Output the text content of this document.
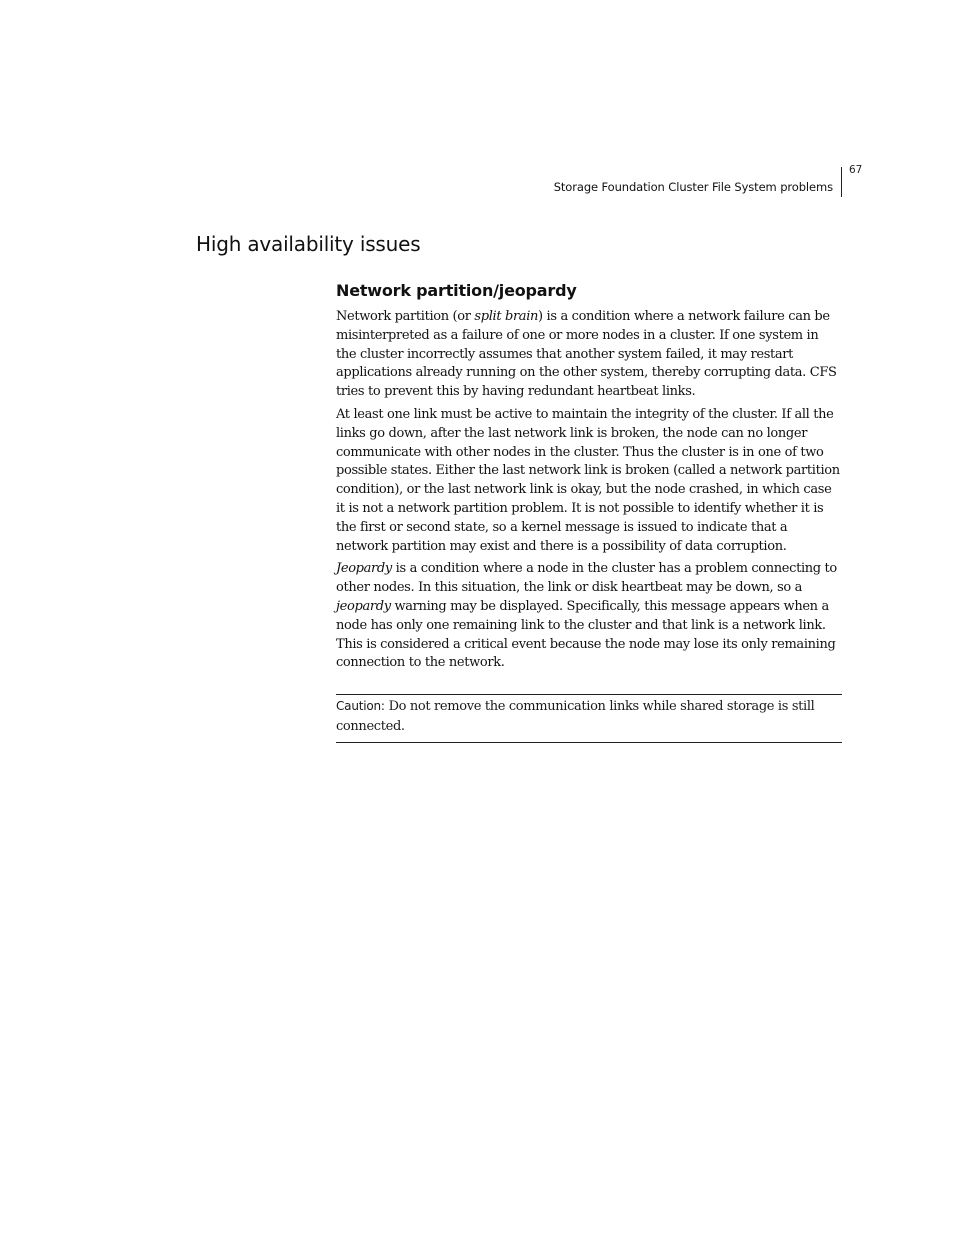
67
Storage Foundation Cluster File System problems
High availability issues
Network partition/jeopardy

Network partition (or split brain) is a condition where a network failure can be misinterpreted as a failure of one or more nodes in a cluster. If one system in the cluster incorrectly assumes that another system failed, it may restart applications already running on the other system, thereby corrupting data. CFS tries to prevent this by having redundant heartbeat links.

At least one link must be active to maintain the integrity of the cluster. If all the links go down, after the last network link is broken, the node can no longer communicate with other nodes in the cluster. Thus the cluster is in one of two possible states. Either the last network link is broken (called a network partition condition), or the last network link is okay, but the node crashed, in which case it is not a network partition problem. It is not possible to identify whether it is the first or second state, so a kernel message is issued to indicate that a network partition may exist and there is a possibility of data corruption.

Jeopardy is a condition where a node in the cluster has a problem connecting to other nodes. In this situation, the link or disk heartbeat may be down, so a jeopardy warning may be displayed. Specifically, this message appears when a node has only one remaining link to the cluster and that link is a network link. This is considered a critical event because the node may lose its only remaining connection to the network.

Caution: Do not remove the communication links while shared storage is still connected.
